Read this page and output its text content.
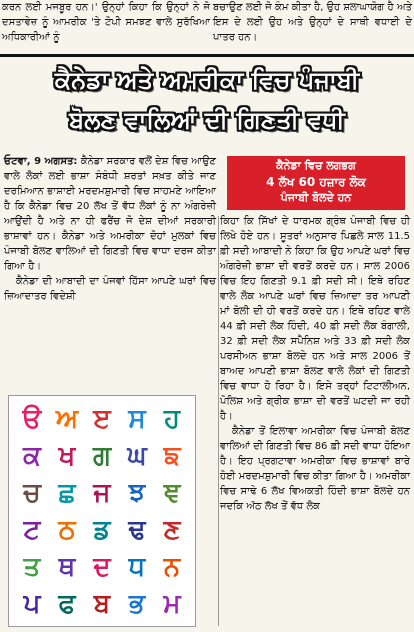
ਕਰਨ ਲਈ ਮਜਬੂਰ ਹਨ।' ਉਨ੍ਹਾਂ ਕਿਹਾ ਕਿ ਉਨ੍ਹਾਂ ਨੇ ਜੋ ਦਸਤਾਵੇਜ਼ ਨੂੰ ਆਮਰੀਕ 'ਤੇ ਟੋਪੀ ਸਮਝਣ ਵਾਲੇ ਸੁਰੱਖਿਆ ਅਧਿਕਾਰੀਆਂ ਨੂੰ
ਬਚਾਉਣ ਲਈ ਜੋ ਕੰਮ ਕੀਤਾ ਹੈ, ਉਹ ਸ਼ਲਾਘਾਯੋਗ ਹੈ ਅਤੇ ਇਸ ਦੇ ਲਈ ਉਹ ਅਤੇ ਉਨ੍ਹਾਂ ਦੇ ਸਾਥੀ ਵਧਾਈ ਦੇ ਪਾਤਰ ਹਨ।
ਕੈਨੇਡਾ ਅਤੇ ਅਮਰੀਕਾ ਵਿਚ ਪੰਜਾਬੀ
ਬੋਲਣ ਵਾਲਿਆਂ ਦੀ ਗਿਣਤੀ ਵਧੀ
ਕੈਨੇਡਾ ਵਿਚ ਲਗਭਗ
4 ਲੱਖ 60 ਹਜ਼ਾਰ ਲੋਕ
ਪੰਜਾਬੀ ਬੋਲਦੇ ਹਨ
ਓਟਵਾ, 9 ਅਗਸਤ: ਕੈਨੇਡਾ ਸਰਕਾਰ ਵਲੋਂ ਦੇਸ਼ ਵਿਚ ਆਉਣ ਵਾਲੇ ਲੋਕਾਂ ਲਈ ਭਾਸ਼ਾ ਸੰਬੰਧੀ ਸ਼ਰਤਾਂ ਸਖ਼ਤ ਕੀਤੇ ਜਾਣ ਦਰਮਿਆਨ ਭਾਸ਼ਾਈ ਮਰਦਮਸ਼ੁਮਾਰੀ ਵਿਚ ਸਾਹਮਣੇ ਆਇਆ ਹੈ ਕਿ ਕੈਨੇਡਾ ਵਿਚ 20 ਲੱਖ ਤੋਂ ਵੱਧ ਲੋਕਾਂ ਨੂੰ ਨਾ ਅੰਗਰੇਜ਼ੀ ਆਉਂਦੀ ਹੈ ਅਤੇ ਨਾ ਹੀ ਫਰੈਂਚ ਜੋ ਦੇਸ਼ ਦੀਆਂ ਸਰਕਾਰੀ ਭਾਸ਼ਾਵਾਂ ਹਨ। ਕੈਨੇਡਾ ਅਤੇ ਅਮਰੀਕਾ ਦੋਹਾਂ ਮੁਲਕਾਂ ਵਿਚ ਪੰਜਾਬੀ ਬੋਲਣ ਵਾਲਿਆਂ ਦੀ ਗਿਣਤੀ ਵਿਚ ਵਾਧਾ ਦਰਜ ਕੀਤਾ ਗਿਆ ਹੈ।
ਕੈਨੇਡਾ ਦੀ ਆਬਾਦੀ ਦਾ ਪੰਜਵਾਂ ਹਿੱਸਾ ਆਪਣੇ ਘਰਾਂ ਵਿਚ ਜ਼ਿਆਦਾਤਰ ਵਿਦੇਸ਼ੀ
ਕਿਹਾ ਕਿ ਸਿੱਖਾਂ ਦੇ ਧਾਰਮਕ ਗ੍ਰੰਥ ਪੰਜਾਬੀ ਵਿਚ ਹੀ ਲਿਖੇ ਹੋਏ ਹਨ। ਸੂਤਰਾਂ ਅਨੁਸਾਰ ਪਿਛਲੇ ਸਾਲ 11.5 ਫ਼ੀ ਸਦੀ ਆਬਾਦੀ ਨੇ ਕਿਹਾ ਕਿ ਉਹ ਆਪਣੇ ਘਰਾਂ ਵਿਚ ਅੰਗਰੇਜ਼ੀ ਭਾਸ਼ਾ ਦੀ ਵਰਤੋਂ ਕਰਦੇ ਹਨ। ਸਾਲ 2006 ਵਿਚ ਇਹ ਗਿਣਤੀ 9.1 ਫ਼ੀ ਸਦੀ ਸੀ। ਇਥੇ ਰਹਿਣ ਵਾਲੇ ਲੋਕ ਆਪਣੇ ਘਰਾਂ ਵਿਚ ਜ਼ਿਆਦਾ ਤਰ ਆਪਣੀ ਮਾਂ ਬੋਲੀ ਦੀ ਹੀ ਵਰਤੋਂ ਕਰਦੇ ਹਨ। ਇਥੇ ਰਹਿਣ ਵਾਲੇ 44 ਫ਼ੀ ਸਦੀ ਲੋਕ ਹਿੰਦੀ, 40 ਫ਼ੀ ਸਦੀ ਲੋਕ ਬੰਗਾਲੀ, 32 ਫ਼ੀ ਸਦੀ ਲੋਕ ਸਪੈਨਿਸ਼ ਅਤੇ 33 ਫ਼ੀ ਸਦੀ ਲੋਕ ਪਰਸੀਅਨ ਭਾਸ਼ਾ ਬੋਲਦੇ ਹਨ ਅਤੇ ਸਾਲ 2006 ਤੋਂ ਬਾਅਦ ਆਪਣੀ ਭਾਸ਼ਾ ਬੋਲਣ ਵਾਲੇ ਲੋਕਾਂ ਦੀ ਗਿਣਤੀ ਵਿਚ ਵਾਧਾ ਹੋ ਰਿਹਾ ਹੈ। ਇਸੇ ਤਰ੍ਹਾਂ ਟਿਟਾਲੀਅਨ, ਪੋਲਿਸ਼ ਅਤੇ ਗ੍ਰੀਕ ਭਾਸ਼ਾ ਦੀ ਵਰਤੋਂ ਘਟਦੀ ਜਾ ਰਹੀ ਹੈ।
ਕੈਨੇਡਾ ਤੋਂ ਇਲਾਵਾ ਅਮਰੀਕਾ ਵਿਚ ਪੰਜਾਬੀ ਬੋਲਣ ਵਾਲਿਆਂ ਦੀ ਗਿਣਤੀ ਵਿਚ 86 ਫ਼ੀ ਸਦੀ ਵਾਧਾ ਹੋਇਆ ਹੈ। ਇਹ ਪ੍ਰਗਟਾਵਾ ਅਮਰੀਕਾ ਵਿਚ ਭਾਸ਼ਾਵਾਂ ਬਾਰੇ ਹੋਈ ਮਰਦਮਸ਼ੁਮਾਰੀ ਵਿਚ ਕੀਤਾ ਗਿਆ ਹੈ। ਅਮਰੀਕਾ ਵਿਚ ਸਾਢੇ 6 ਲੱਖ ਵਿਅਕਤੀ ਹਿੰਦੀ ਭਾਸ਼ਾ ਬੋਲਦੇ ਹਨ ਜਦਕਿ ਅੱਠ ਲੱਖ ਤੋਂ ਵੱਧ ਲੋਕ
ੳ ਅ ੲ ਸ ਹ
ਕ ਖ ਗ ਘ ਙ
ਚ ਛ ਜ ਝ ਞ
ਟ ਠ ਡ ਢ ਣ
ਤ ਥ ਦ ਧ ਨ
ਪ ਫ ਬ ਭ ਮ
